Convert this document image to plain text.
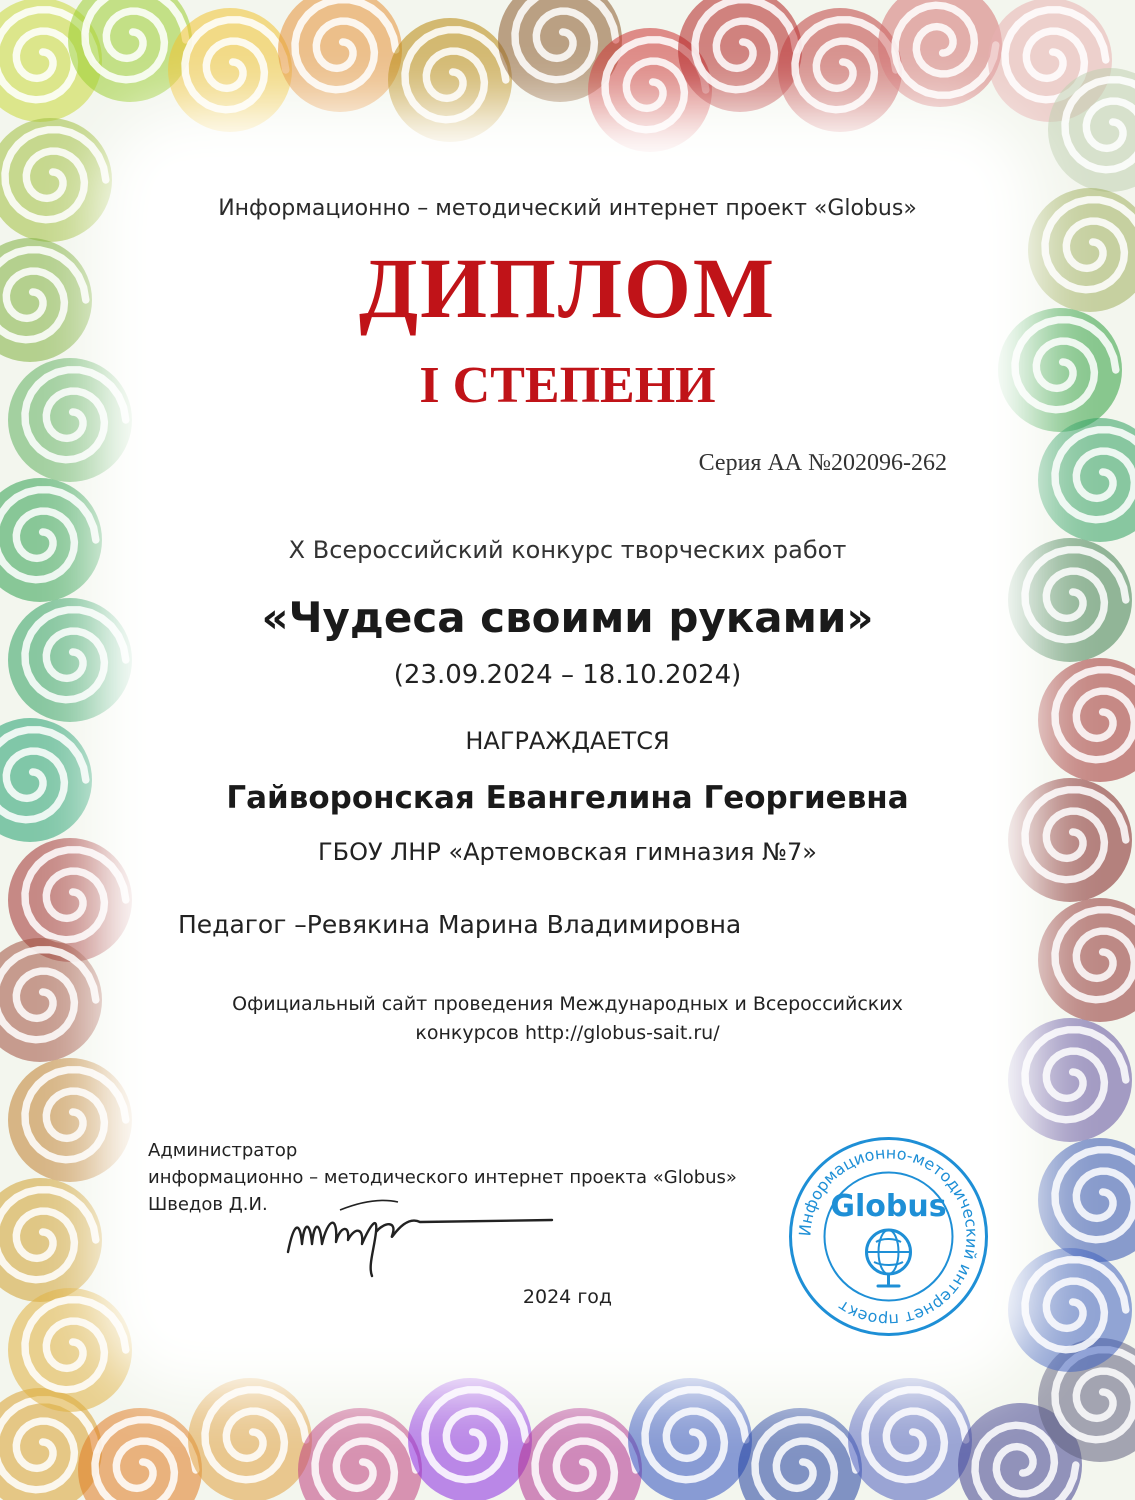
Информационно – методический интернет проект «Globus»
ДИПЛОМ
I СТЕПЕНИ
Серия АА №202096-262
X Всероссийский конкурс творческих работ
«Чудеса своими руками»
(23.09.2024 – 18.10.2024)
НАГРАЖДАЕТСЯ
Гайворонская Евангелина Георгиевна
ГБОУ ЛНР «Артемовская гимназия №7»
Педагог –Ревякина Марина Владимировна
Официальный сайт проведения Международных и Всероссийских
конкурсов http://globus-sait.ru/
Администратор
информационно – методического интернет проекта «Globus»
Шведов Д.И.
2024 год
Информационно-методический интернет проект
Globus
